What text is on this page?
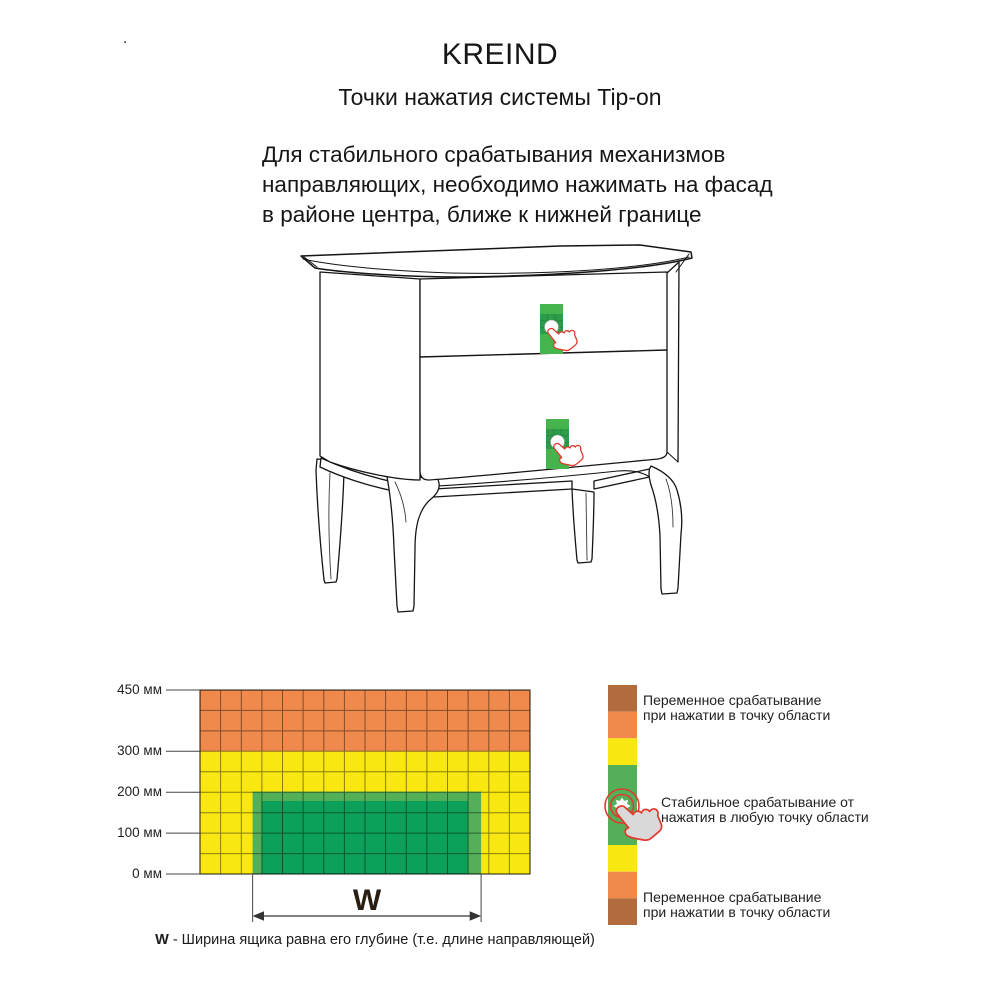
.	KREIND
Точки нажатия системы Tip-on
Для стабильного срабатывания механизмов
направляющих, необходимо нажимать на фасад
в районе центра, ближе к нижней границе
450 мм
300 мм
200 мм
100 мм
0 мм
W
W - Ширина ящика равна его глубине (т.е. длине направляющей)
Переменное срабатывание
при нажатии в точку области
Стабильное срабатывание от
нажатия в любую точку области
Переменное срабатывание
при нажатии в точку области
